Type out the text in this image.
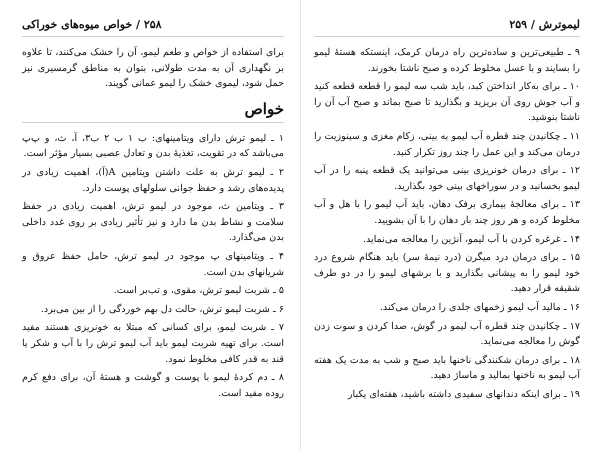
لیموترش / ۲۵۹

۹ ـ طبیعی‌ترین و ساده‌ترین راه درمان کرمک، اینستکه هستهٔ لیمو را بسایند و با عسل مخلوط کرده و صبح ناشتا بخورند.

۱۰ ـ برای به‌کار انداختن کبد، باید شب سه لیمو را قطعه قطعه کنید و آب جوش روی آن بریزید و بگذارید تا صبح بماند و صبح آب آن را ناشتا بنوشید.

۱۱ ـ چکانیدن چند قطره آب لیمو به بینی، زکام مغزی و سینوزیت را درمان می‌کند و این عمل را چند روز تکرار کنید.

۱۲ ـ برای درمان خونریزی بینی می‌توانید یک قطعه پنبه را در آب لیمو بخسانید و در سوراخهای بینی خود بگذارید.

۱۳ ـ برای معالجهٔ بیماری برفک دهان، باید آب لیمو را با هل و آب مخلوط کرده و هر روز چند بار دهان را با آن بشویید.

۱۴ ـ غرغره کردن با آب لیمو، آنژین را معالجه می‌نماید.

۱۵ ـ برای درمان درد میگرن (درد نیمهٔ سر) باید هنگام شروع درد خود لیمو را به پیشانی بگذارید و با برشهای لیمو را در دو طرف شقیقه قرار دهید.

۱۶ ـ مالید آب لیمو زخمهای جلدی را درمان می‌کند.

۱۷ ـ چکانیدن چند قطره آب لیمو در گوش، صدا کردن و سوت زدن گوش را معالجه می‌نماید.

۱۸ ـ برای درمان شکنندگی ناخنها باید صبح و شب به مدت یک هفته آب لیمو به ناخنها بمالید و ماساژ دهید.

۱۹ ـ برای اینکه دندانهای سفیدی داشته باشید، هفته‌ای یکبار

۲۵۸ / خواص میوه‌های خوراکی

برای استفاده از خواص و طعم لیمو، آن را خشک می‌کنند، تا علاوه بر نگهداری آن به مدت طولانی، بتوان به مناطق گرمسیری نیز حمل شود، لیموی خشک را لیمو عمانی گویند.

خواص

۱ ـ لیمو ترش دارای ویتامینهای: ب ۱ ب ۲ ب۳، آ، ث، و پ‌پ می‌باشد که در تقویت، تغذیهٔ بدن و تعادل عصبی بسیار مؤثر است.

۲ ـ لیمو ترش به علت داشتن ویتامین A(آ)، اهمیت زیادی در پدیده‌های رشد و حفظ جوانی سلولهای پوست دارد.

۳ ـ ویتامین ث، موجود در لیمو ترش، اهمیت زیادی در حفظ سلامت و نشاط بدن ما دارد و نیز تأثیر زیادی بر روی غدد داخلی بدن می‌گذارد.

۴ ـ ویتامینهای پ موجود در لیمو ترش، حامل حفظ عروق و شریانهای بدن است.

۵ ـ شربت لیمو ترش، مقوی، و تب‌بر است.

۶ ـ شربت لیمو ترش، حالت دل بهم خوردگی را از بین می‌برد.

۷ ـ شربت لیمو، برای کسانی که مبتلا به خونریزی هستند مفید است. برای تهیه شربت لیمو باید آب لیمو ترش را با آب و شکر یا قند به قدر کافی مخلوط نمود.

۸ ـ دم کردهٔ لیمو با پوست و گوشت و هستهٔ آن، برای دفع کرم روده مفید است.
